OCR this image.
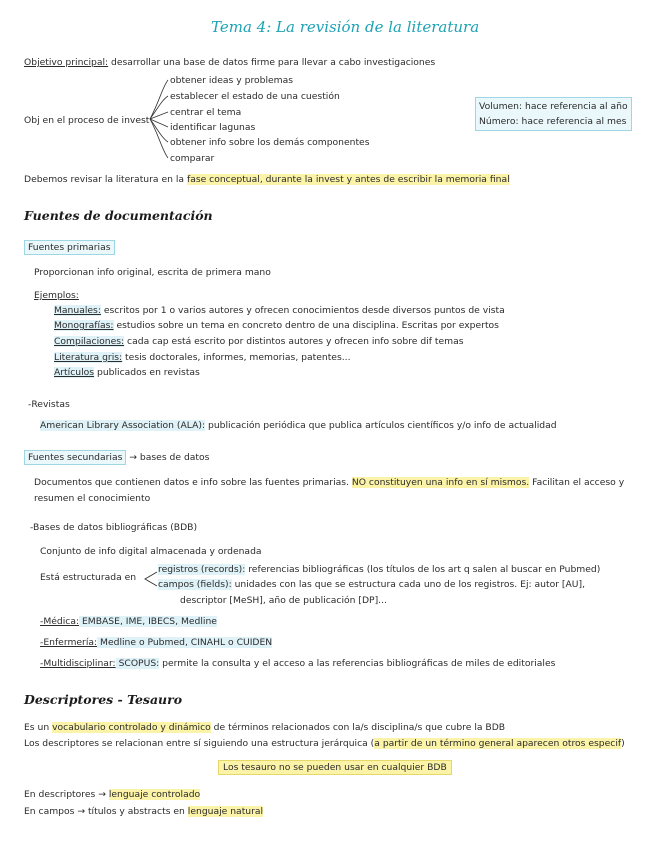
Tema 4: La revisión de la literatura
Objetivo principal: desarrollar una base de datos firme para llevar a cabo investigaciones
Obj en el proceso de invest
obtener ideas y problemas
establecer el estado de una cuestión
centrar el tema
identificar lagunas
obtener info sobre los demás componentes
comparar
Volumen: hace referencia al año
Número: hace referencia al mes
Debemos revisar la literatura en la fase conceptual, durante la invest y antes de escribir la memoria final
Fuentes de documentación
Fuentes primarias
Proporcionan info original, escrita de primera mano
Ejemplos:
Manuales: escritos por 1 o varios autores y ofrecen conocimientos desde diversos puntos de vista
Monografías: estudios sobre un tema en concreto dentro de una disciplina. Escritas por expertos
Compilaciones: cada cap está escrito por distintos autores y ofrecen info sobre dif temas
Literatura gris: tesis doctorales, informes, memorias, patentes...
Artículos publicados en revistas
-Revistas
American Library Association (ALA): publicación periódica que publica artículos científicos y/o info de actualidad
Fuentes secundarias → bases de datos
Documentos que contienen datos e info sobre las fuentes primarias. NO constituyen una info en sí mismos. Facilitan el acceso y
resumen el conocimiento
-Bases de datos bibliográficas (BDB)
Conjunto de info digital almacenada y ordenada
Está estructurada en
registros (records): referencias bibliográficas (los títulos de los art q salen al buscar en Pubmed)
campos (fields): unidades con las que se estructura cada uno de los registros. Ej: autor [AU],
descriptor [MeSH], año de publicación [DP]...
-Médica: EMBASE, IME, IBECS, Medline
-Enfermería: Medline o Pubmed, CINAHL o CUIDEN
-Multidisciplinar: SCOPUS: permite la consulta y el acceso a las referencias bibliográficas de miles de editoriales
Descriptores - Tesauro
Es un vocabulario controlado y dinámico de términos relacionados con la/s disciplina/s que cubre la BDB
Los descriptores se relacionan entre sí siguiendo una estructura jerárquica (a partir de un término general aparecen otros especif)
Los tesauro no se pueden usar en cualquier BDB
En descriptores → lenguaje controlado
En campos → títulos y abstracts en lenguaje natural
